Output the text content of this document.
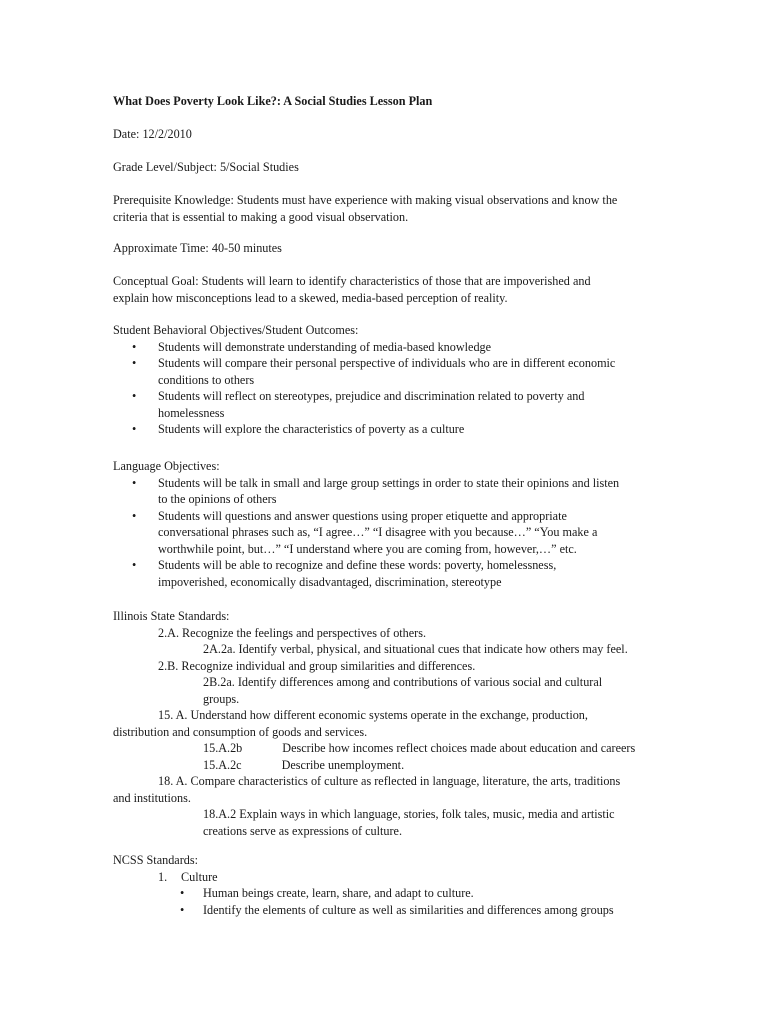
What Does Poverty Look Like?: A Social Studies Lesson Plan
Date: 12/2/2010
Grade Level/Subject: 5/Social Studies

Prerequisite Knowledge: Students must have experience with making visual observations and know the

criteria that is essential to making a good visual observation.

Approximate Time: 40-50 minutes

Conceptual Goal: Students will learn to identify characteristics of those that are impoverished and

explain how misconceptions lead to a skewed, media-based perception of reality.

Student Behavioral Objectives/Student Outcomes:

• Students will demonstrate understanding of media-based knowledge

• Students will compare their personal perspective of individuals who are in different economic

conditions to others

• Students will reflect on stereotypes, prejudice and discrimination related to poverty and

homelessness

• Students will explore the characteristics of poverty as a culture

Language Objectives:

• Students will be talk in small and large group settings in order to state their opinions and listen

to the opinions of others

• Students will questions and answer questions using proper etiquette and appropriate

conversational phrases such as, “I agree…” “I disagree with you because…” “You make a

worthwhile point, but…” “I understand where you are coming from, however,…” etc.

• Students will be able to recognize and define these words: poverty, homelessness,

impoverished, economically disadvantaged, discrimination, stereotype

Illinois State Standards:

2.A. Recognize the feelings and perspectives of others.

2A.2a. Identify verbal, physical, and situational cues that indicate how others may feel.

2.B. Recognize individual and group similarities and differences.

2B.2a. Identify differences among and contributions of various social and cultural

groups.

15. A. Understand how different economic systems operate in the exchange, production,

distribution and consumption of goods and services.

15.A.2b	Describe how incomes reflect choices made about education and careers

15.A.2c	Describe unemployment.

18. A. Compare characteristics of culture as reflected in language, literature, the arts, traditions

and institutions.

18.A.2 Explain ways in which language, stories, folk tales, music, media and artistic

creations serve as expressions of culture.

NCSS Standards:

1. Culture

• Human beings create, learn, share, and adapt to culture.

• Identify the elements of culture as well as similarities and differences among groups
